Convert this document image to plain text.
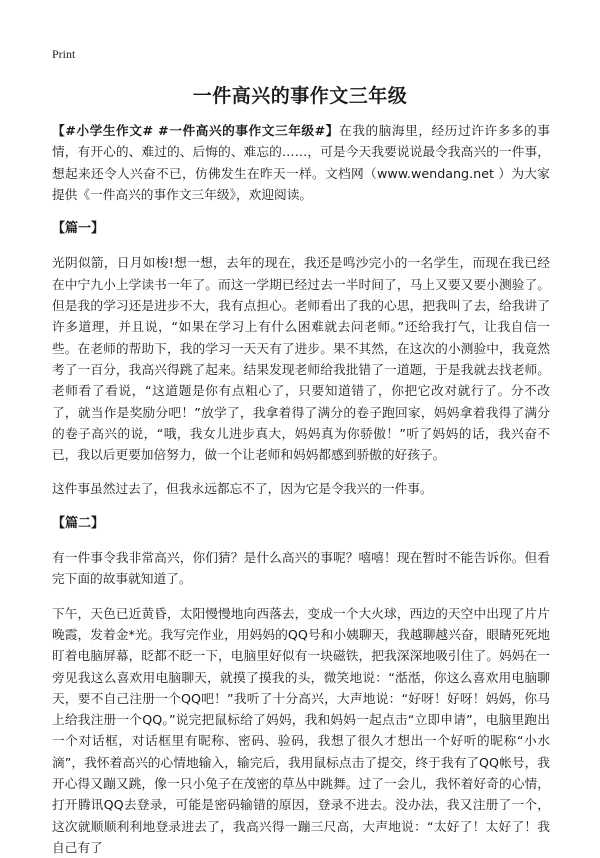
Print
一件高兴的事作文三年级

【#小学生作文# #一件高兴的事作文三年级#】在我的脑海里，经历过许许多多的事情，有开心的、难过的、后悔的、难忘的……，可是今天我要说说最令我高兴的一件事，想起来还令人兴奋不已，仿佛发生在昨天一样。文档网（www.wendang.net ）为大家提供《一件高兴的事作文三年级》，欢迎阅读。

【篇一】

光阴似箭，日月如梭!想一想，去年的现在，我还是鸣沙完小的一名学生，而现在我已经在中宁九小上学读书一年了。而这一学期已经过去一半时间了，马上又要又要小测验了。但是我的学习还是进步不大，我有点担心。老师看出了我的心思，把我叫了去，给我讲了许多道理，并且说，“如果在学习上有什么困难就去问老师。”还给我打气，让我自信一些。在老师的帮助下，我的学习一天天有了进步。果不其然，在这次的小测验中，我竟然考了一百分，我高兴得跳了起来。结果发现老师给我批错了一道题，于是我就去找老师。老师看了看说，“这道题是你有点粗心了，只要知道错了，你把它改对就行了。分不改了，就当作是奖励分吧！”放学了，我拿着得了满分的卷子跑回家，妈妈拿着我得了满分的卷子高兴的说，“哦，我女儿进步真大，妈妈真为你骄傲！”听了妈妈的话，我兴奋不已，我以后更要加倍努力，做一个让老师和妈妈都感到骄傲的好孩子。

这件事虽然过去了，但我永远都忘不了，因为它是令我兴的一件事。

【篇二】

有一件事令我非常高兴，你们猜？是什么高兴的事呢？嘻嘻！现在暂时不能告诉你。但看完下面的故事就知道了。

下午，天色已近黄昏，太阳慢慢地向西落去，变成一个大火球，西边的天空中出现了片片晚霞，发着金*光。我写完作业，用妈妈的QQ号和小姨聊天，我越聊越兴奋，眼睛死死地盯着电脑屏幕，眨都不眨一下，电脑里好似有一块磁铁，把我深深地吸引住了。妈妈在一旁见我这么喜欢用电脑聊天，就摸了摸我的头，微笑地说：“湉湉，你这么喜欢用电脑聊天，要不自己注册一个QQ吧！”我听了十分高兴，大声地说：“好呀！好呀！妈妈，你马上给我注册一个QQ。”说完把鼠标给了妈妈，我和妈妈一起点击“立即申请”，电脑里跑出一个对话框，对话框里有昵称、密码、验码，我想了很久才想出一个好听的昵称“小水滴”，我怀着高兴的心情地输入，输完后，我用鼠标点击了提交，终于我有了QQ帐号，我开心得又蹦又跳，像一只小兔子在茂密的草丛中跳舞。过了一会儿，我怀着好奇的心情，打开腾讯QQ去登录，可能是密码输错的原因，登录不进去。没办法，我又注册了一个，这次就顺顺利利地登录进去了，我高兴得一蹦三尺高，大声地说：“太好了！太好了！我自己有了
